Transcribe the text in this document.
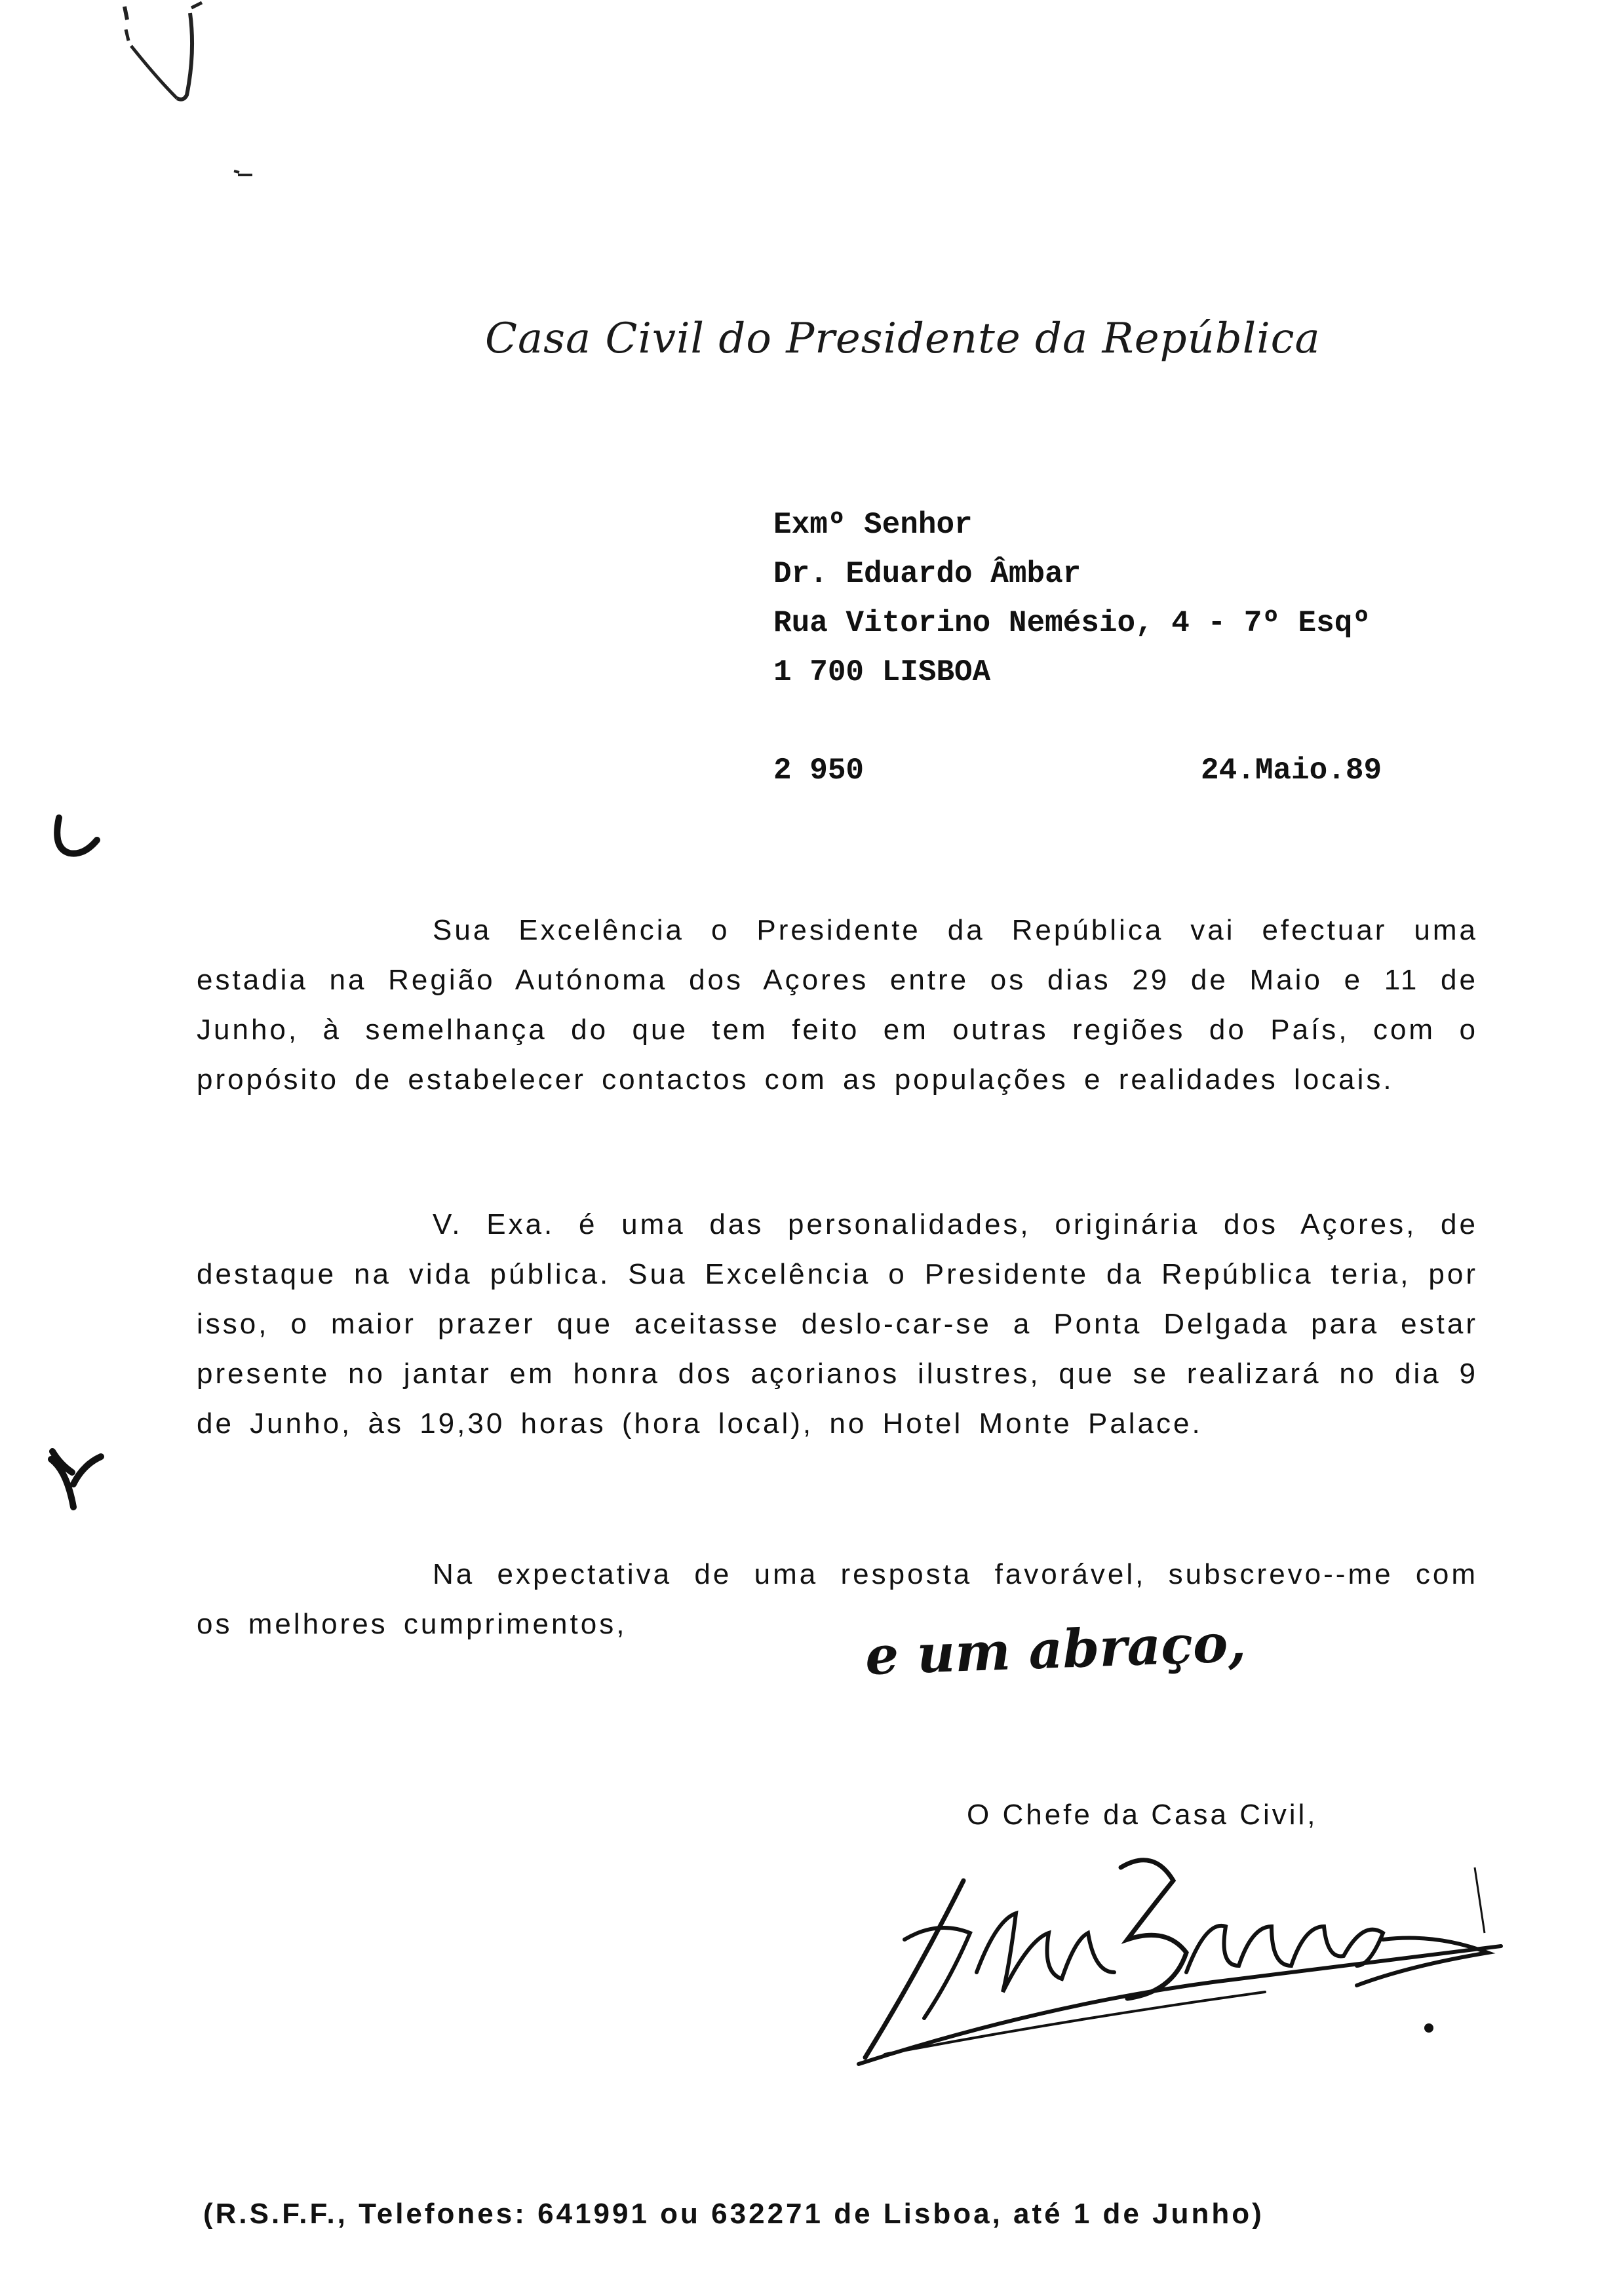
Casa Civil do Presidente da República
Exmº Senhor
Dr. Eduardo Âmbar
Rua Vitorino Nemésio, 4 - 7º Esqº
1 700 LISBOA
2 950	24.Maio.89

Sua Excelência o Presidente da República vai efectuar uma estadia na Região Autónoma dos Açores entre os dias 29 de Maio e 11 de Junho, à semelhança do que tem feito em outras regiões do País, com o propósito de estabelecer contactos com as populações e realidades locais.

V. Exa. é uma das personalidades, originária dos Açores, de destaque na vida pública. Sua Excelência o Presidente da República teria, por isso, o maior prazer que aceitasse deslo-car-se a Ponta Delgada para estar presente no jantar em honra dos açorianos ilustres, que se realizará no dia 9 de Junho, às 19,30 horas (hora local), no Hotel Monte Palace.

Na expectativa de uma resposta favorável, subscrevo--me com os melhores cumprimentos,	e um abraço,
O Chefe da Casa Civil,
(R.S.F.F., Telefones: 641991 ou 632271 de Lisboa, até 1 de Junho)
